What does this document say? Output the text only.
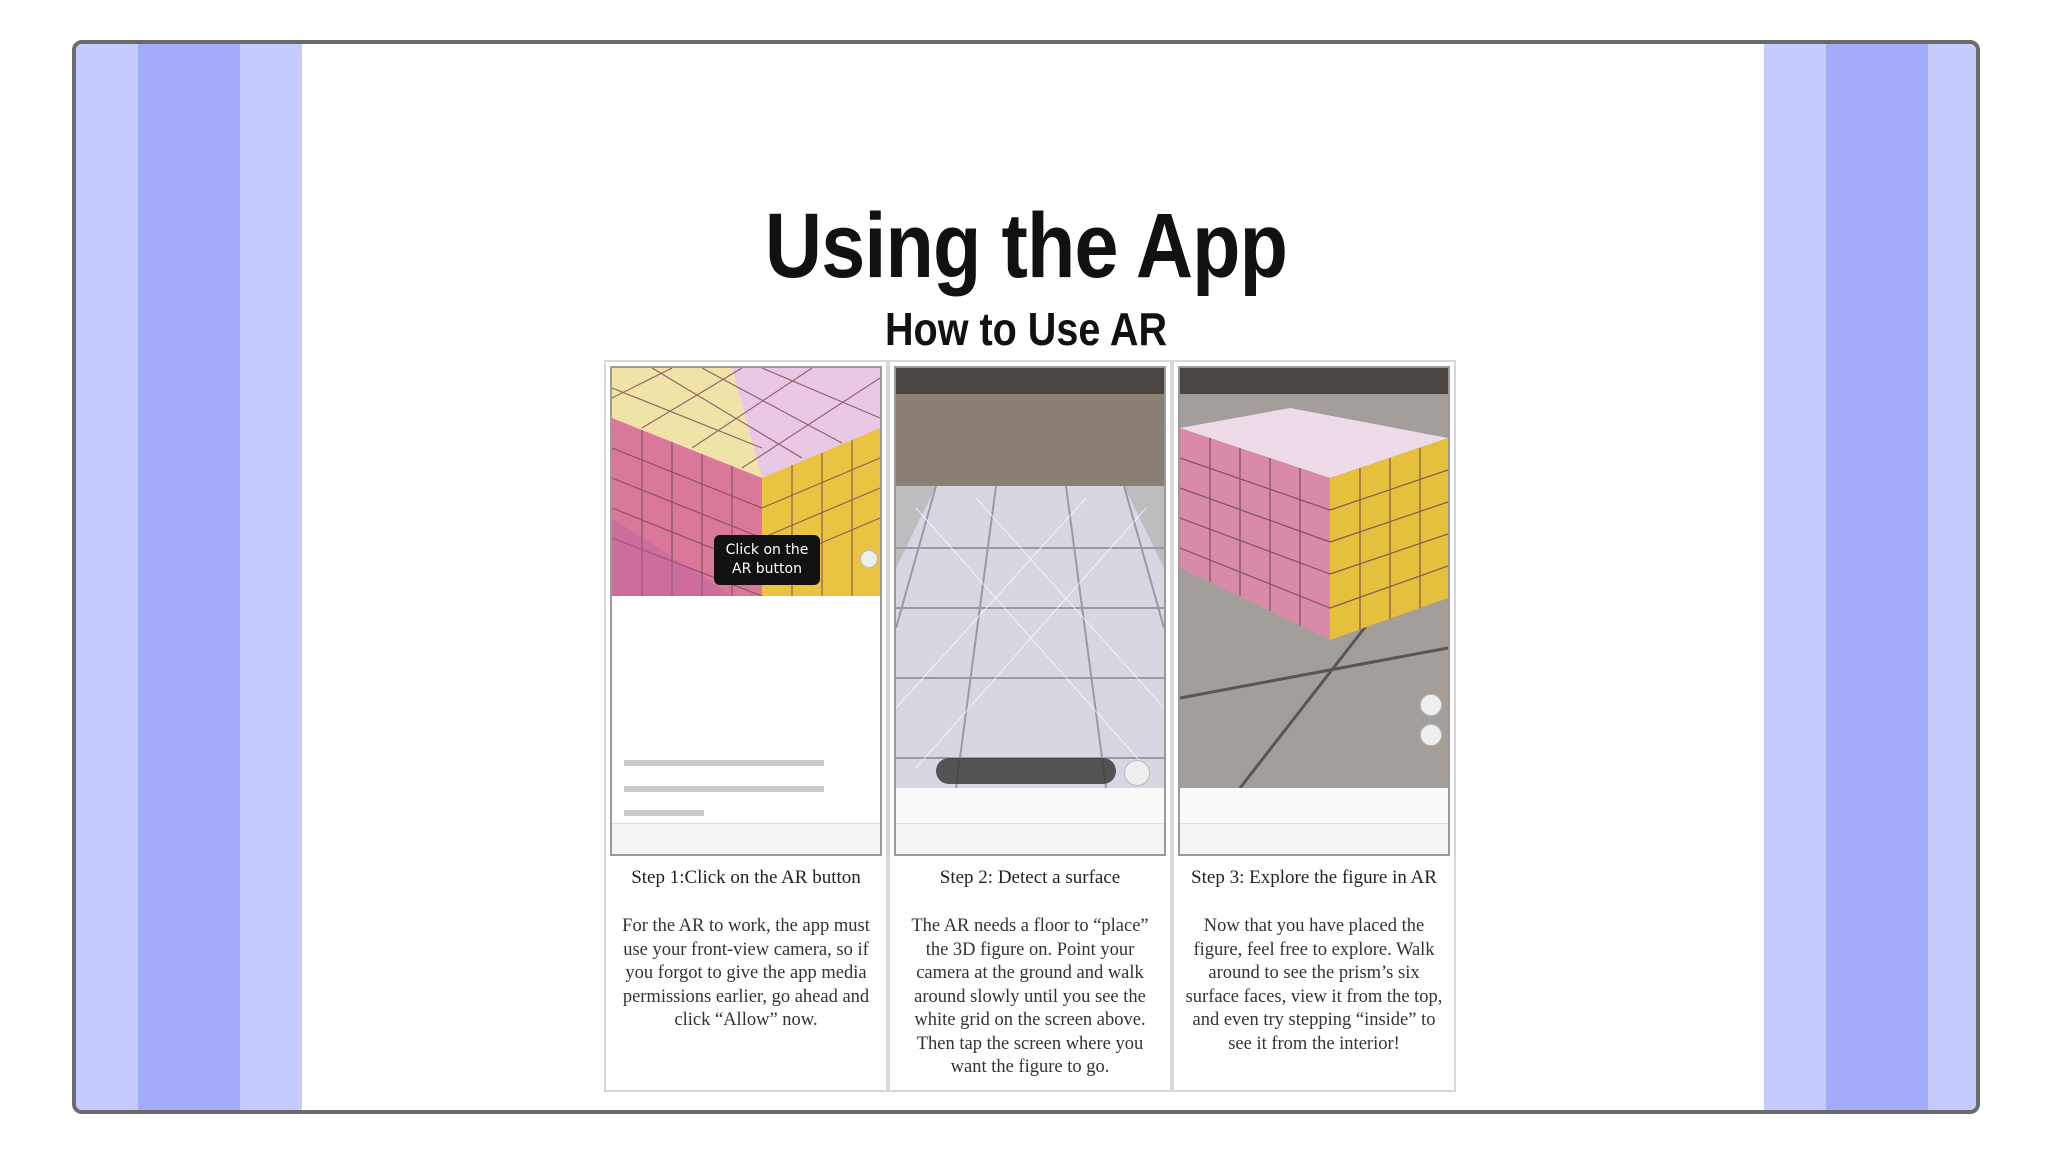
Using the App
How to Use AR
Click on the
AR button
Step 1:Click on the AR button
For the AR to work, the app must use your front-view camera, so if you forgot to give the app media permissions earlier, go ahead and click “Allow” now.
Step 2: Detect a surface
The AR needs a floor to “place” the 3D figure on. Point your camera at the ground and walk around slowly until you see the white grid on the screen above. Then tap the screen where you want the figure to go.
Step 3: Explore the figure in AR
Now that you have placed the figure, feel free to explore. Walk around to see the prism’s six surface faces, view it from the top, and even try stepping “inside” to see it from the interior!
